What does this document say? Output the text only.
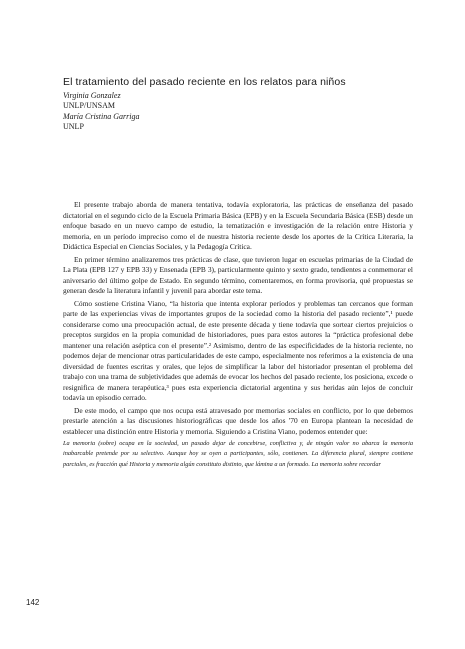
El tratamiento del pasado reciente en los relatos para niños

Virginia Gonzalez

UNLP/UNSAM

María Cristina Garriga

UNLP

El presente trabajo aborda de manera tentativa, todavía exploratoria, las prácticas de enseñanza del pasado dictatorial en el segundo ciclo de la Escuela Primaria Básica (EPB) y en la Escuela Secundaria Básica (ESB) desde un enfoque basado en un nuevo campo de estudio, la tematización e investigación de la relación entre Historia y memoria, en un período impreciso como el de nuestra historia reciente desde los aportes de la Crítica Literaria, la Didáctica Especial en Ciencias Sociales, y la Pedagogía Crítica.

En primer término analizaremos tres prácticas de clase, que tuvieron lugar en escuelas primarias de la Ciudad de La Plata (EPB 127 y EPB 33) y Ensenada (EPB 3), particularmente quinto y sexto grado, tendientes a conmemorar el aniversario del último golpe de Estado. En segundo término, comentaremos, en forma provisoria, qué propuestas se generan desde la literatura infantil y juvenil para abordar este tema.

Cómo sostiene Cristina Viano, “la historia que intenta explorar períodos y problemas tan cercanos que forman parte de las experiencias vivas de importantes grupos de la sociedad como la historia del pasado reciente”,¹ puede considerarse como una preocupación actual, de este presente década y tiene todavía que sortear ciertos prejuicios o preceptos surgidos en la propia comunidad de historiadores, pues para estos autores la “práctica profesional debe mantener una relación aséptica con el presente”.² Asimismo, dentro de las especificidades de la historia reciente, no podemos dejar de mencionar otras particularidades de este campo, especialmente nos referimos a la existencia de una diversidad de fuentes escritas y orales, que lejos de simplificar la labor del historiador presentan el problema del trabajo con una trama de subjetividades que además de evocar los hechos del pasado reciente, los posiciona, excede o resignifica de manera terapéutica,³ pues esta experiencia dictatorial argentina y sus heridas aún lejos de concluir todavía un episodio cerrado.

De este modo, el campo que nos ocupa está atravesado por memorias sociales en conflicto, por lo que debemos prestarle atención a las discusiones historiográficas que desde los años '70 en Europa plantean la necesidad de establecer una distinción entre Historia y memoria. Siguiendo a Cristina Viano, podemos entender que:

La memoria (sobre) ocupa en la sociedad, un pasado dejar de concebirse, conflictiva y, de ningún valor no abarca la memoria inabarcable pretende por su selectivo. Aunque hoy se oyen a participantes, sólo, contienen. La diferencia plural, siempre contiene parciales, es fracción qué Historia y memoria algún constituto distinto, que lámina a un formado. La memoria sobre recordar

142
